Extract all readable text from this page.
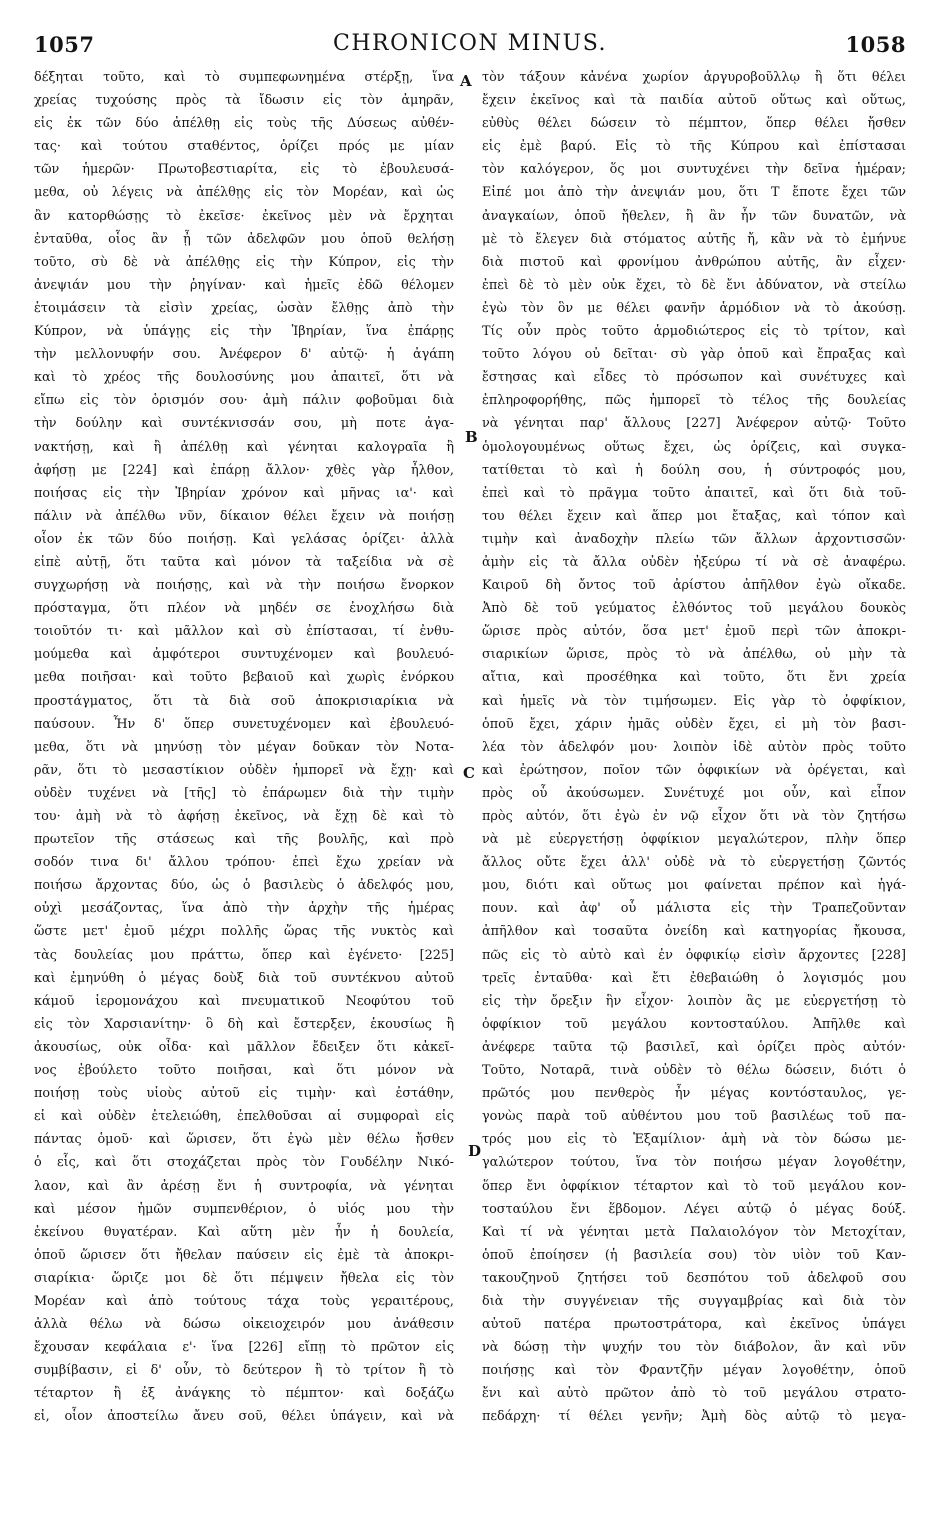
1057	CHRONICON MINUS.	1058
δέξηται τοῦτο, καὶ τὸ συμπεφωνημένα στέρξῃ, ἵνα
χρείας τυχούσης πρὸς τὰ ἴδωσιν εἰς τὸν ἀμηρᾶν,
εἰς ἐκ τῶν δύο ἀπέλθῃ εἰς τοὺς τῆς Δύσεως αὐθέν-
τας· καὶ τούτου σταθέντος, ὁρίζει πρός με μίαν
τῶν ἡμερῶν· Πρωτοβεστιαρίτα, εἰς τὸ ἐβουλευσά-
μεθα, οὐ λέγεις νὰ ἀπέλθῃς εἰς τὸν Μορέαν, καὶ ὡς
ἂν κατορθώσῃς τὸ ἐκεῖσε· ἐκεῖνος μὲν νὰ ἔρχηται
ἐνταῦθα, οἷος ἂν ᾖ τῶν ἀδελφῶν μου ὁποῦ θελήσῃ
τοῦτο, σὺ δὲ νὰ ἀπέλθῃς εἰς τὴν Κύπρον, εἰς τὴν
ἀνεψιάν μου τὴν ῥηγίναν· καὶ ἡμεῖς ἐδῶ θέλομεν
ἑτοιμάσειν τὰ εἰσὶν χρείας, ὡσὰν ἔλθῃς ἀπὸ τὴν
Κύπρον, νὰ ὑπάγῃς εἰς τὴν Ἰβηρίαν, ἵνα ἐπάρῃς
τὴν μελλονυφήν σου. Ἀνέφερον δ' αὐτῷ· ἡ ἀγάπη
καὶ τὸ χρέος τῆς δουλοσύνης μου ἀπαιτεῖ, ὅτι νὰ
εἴπω εἰς τὸν ὁρισμόν σου· ἀμὴ πάλιν φοβοῦμαι διὰ
τὴν δούλην καὶ συντέκνισσάν σου, μὴ ποτε ἀγα-
νακτήσῃ, καὶ ἢ ἀπέλθῃ καὶ γένηται καλογραῖα ἢ
ἀφήσῃ με [224] καὶ ἐπάρῃ ἄλλον· χθὲς γὰρ ἦλθον,
ποιήσας εἰς τὴν Ἰβηρίαν χρόνον καὶ μῆνας ια'· καὶ
πάλιν νὰ ἀπέλθω νῦν, δίκαιον θέλει ἔχειν νὰ ποιήσῃ
οἷον ἐκ τῶν δύο ποιήσῃ. Καὶ γελάσας ὁρίζει· ἀλλὰ
εἰπὲ αὐτῇ, ὅτι ταῦτα καὶ μόνον τὰ ταξείδια νὰ σὲ
συγχωρήσῃ νὰ ποιήσῃς, καὶ νὰ τὴν ποιήσω ἔνορκον
πρόσταγμα, ὅτι πλέον νὰ μηδέν σε ἐνοχλήσω διὰ
τοιοῦτόν τι· καὶ μᾶλλον καὶ σὺ ἐπίστασαι, τί ἐνθυ-
μούμεθα καὶ ἀμφότεροι συντυχένομεν καὶ βουλευό-
μεθα ποιῆσαι· καὶ τοῦτο βεβαιοῦ καὶ χωρὶς ἐνόρκου
προστάγματος, ὅτι τὰ διὰ σοῦ ἀποκρισιαρίκια νὰ
παύσουν. Ἦν δ' ὅπερ συνετυχένομεν καὶ ἐβουλευό-
μεθα, ὅτι νὰ μηνύσῃ τὸν μέγαν δοῦκαν τὸν Νοτα-
ρᾶν, ὅτι τὸ μεσαστίκιον οὐδὲν ἠμπορεῖ νὰ ἔχῃ· καὶ
οὐδὲν τυχένει νὰ [τῆς] τὸ ἐπάρωμεν διὰ τὴν τιμὴν
του· ἀμὴ νὰ τὸ ἀφήσῃ ἐκεῖνος, νὰ ἔχῃ δὲ καὶ τὸ
πρωτεῖον τῆς στάσεως καὶ τῆς βουλῆς, καὶ πρὸ
σοδόν τινα δι' ἄλλου τρόπου· ἐπεὶ ἔχω χρείαν νὰ
ποιήσω ἄρχοντας δύο, ὡς ὁ βασιλεὺς ὁ ἀδελφός μου,
οὐχὶ μεσάζοντας, ἵνα ἀπὸ τὴν ἀρχὴν τῆς ἡμέρας
ὥστε μετ' ἐμοῦ μέχρι πολλῆς ὥρας τῆς νυκτὸς καὶ
τὰς δουλείας μου πράττω, ὅπερ καὶ ἐγένετο· [225]
καὶ ἐμηνύθη ὁ μέγας δοὺξ διὰ τοῦ συντέκνου αὐτοῦ
κάμοῦ ἱερομονάχου καὶ πνευματικοῦ Νεοφύτου τοῦ
εἰς τὸν Χαρσιανίτην· ὃ δὴ καὶ ἔστερξεν, ἑκουσίως ἢ
ἀκουσίως, οὐκ οἶδα· καὶ μᾶλλον ἔδειξεν ὅτι κἀκεῖ-
νος ἐβούλετο τοῦτο ποιῆσαι, καὶ ὅτι μόνον νὰ
ποιήσῃ τοὺς υἱοὺς αὐτοῦ εἰς τιμὴν· καὶ ἐστάθην,
εἰ καὶ οὐδὲν ἐτελειώθη, ἐπελθοῦσαι αἱ συμφοραὶ εἰς
πάντας ὁμοῦ· καὶ ὥρισεν, ὅτι ἐγὼ μὲν θέλω ἤσθεν
ὁ εἷς, καὶ ὅτι στοχάζεται πρὸς τὸν Γουδέλην Νικό-
λαον, καὶ ἂν ἀρέσῃ ἔνι ἡ συντροφία, νὰ γένηται
καὶ μέσον ἡμῶν συμπενθέριον, ὁ υἱός μου τὴν
ἐκείνου θυγατέραν. Καὶ αὕτη μὲν ἦν ἡ δουλεία,
ὁποῦ ὥρισεν ὅτι ἤθελαν παύσειν εἰς ἐμὲ τὰ ἀποκρι-
σιαρίκια· ὥριζε μοι δὲ ὅτι πέμψειν ἤθελα εἰς τὸν
Μορέαν καὶ ἀπὸ τούτους τάχα τοὺς γεραιτέρους,
ἀλλὰ θέλω νὰ δώσω οἰκειοχειρόν μου ἀνάθεσιν
ἔχουσαν κεφάλαια ε'· ἵνα [226] εἴπῃ τὸ πρῶτον εἰς
συμβίβασιν, εἰ δ' οὖν, τὸ δεύτερον ἢ τὸ τρίτον ἢ τὸ
τέταρτον ἢ ἐξ ἀνάγκης τὸ πέμπτον· καὶ δοξάζω
εἰ, οἷον ἀποστείλω ἄνευ σοῦ, θέλει ὑπάγειν, καὶ νὰ
τὸν τάξουν κἀνένα χωρίον ἀργυροβοῦλλῳ ἢ ὅτι θέλει
ἔχειν ἐκεῖνος καὶ τὰ παιδία αὐτοῦ οὕτως καὶ οὕτως,
εὐθὺς θέλει δώσειν τὸ πέμπτον, ὅπερ θέλει ἤσθεν
εἰς ἐμὲ βαρύ. Εἰς τὸ τῆς Κύπρου καὶ ἐπίστασαι
τὸν καλόγερον, ὅς μοι συντυχένει τὴν δεῖνα ἡμέραν;
Εἰπέ μοι ἀπὸ τὴν ἀνεψιάν μου, ὅτι Τ ἔποτε ἔχει τῶν
ἀναγκαίων, ὁποῦ ἤθελεν, ἢ ἂν ἦν τῶν δυνατῶν, νὰ
μὲ τὸ ἔλεγεν διὰ στόματος αὐτῆς ἤ, κἂν νὰ τὸ ἐμήνυε
διὰ πιστοῦ καὶ φρονίμου ἀνθρώπου αὐτῆς, ἂν εἶχεν·
ἐπεὶ δὲ τὸ μὲν οὐκ ἔχει, τὸ δὲ ἔνι ἀδύνατον, νὰ στείλω
ἐγὼ τὸν ὃν με θέλει φανῆν ἁρμόδιον νὰ τὸ ἀκούσῃ.
Τίς οὖν πρὸς τοῦτο ἁρμοδιώτερος εἰς τὸ τρίτον, καὶ
τοῦτο λόγου οὐ δεῖται· σὺ γὰρ ὁποῦ καὶ ἔπραξας καὶ
ἔστησας καὶ εἶδες τὸ πρόσωπον καὶ συνέτυχες καὶ
ἐπληροφορήθης, πῶς ἠμπορεῖ τὸ τέλος τῆς δουλείας
νὰ γένηται παρ' ἄλλους [227] Ἀνέφερον αὐτῷ· Τοῦτο
ὁμολογουμένως οὕτως ἔχει, ὡς ὁρίζεις, καὶ συγκα-
τατίθεται τὸ καὶ ἡ δούλη σου, ἡ σύντροφός μου,
ἐπεὶ καὶ τὸ πρᾶγμα τοῦτο ἀπαιτεῖ, καὶ ὅτι διὰ τοῦ-
του θέλει ἔχειν καὶ ἅπερ μοι ἔταξας, καὶ τόπον καὶ
τιμὴν καὶ ἀναδοχὴν πλείω τῶν ἄλλων ἀρχοντισσῶν·
ἀμὴν εἰς τὰ ἄλλα οὐδὲν ἠξεύρω τί νὰ σὲ ἀναφέρω.
Καιροῦ δὴ ὄντος τοῦ ἀρίστου ἀπῆλθον ἐγὼ οἴκαδε.
Ἀπὸ δὲ τοῦ γεύματος ἐλθόντος τοῦ μεγάλου δουκὸς
ὥρισε πρὸς αὐτόν, ὅσα μετ' ἐμοῦ περὶ τῶν ἀποκρι-
σιαρικίων ὥρισε, πρὸς τὸ νὰ ἀπέλθω, οὐ μὴν τὰ
αἴτια, καὶ προσέθηκα καὶ τοῦτο, ὅτι ἔνι χρεία
καὶ ἡμεῖς νὰ τὸν τιμήσωμεν. Εἰς γὰρ τὸ ὀφφίκιον,
ὁποῦ ἔχει, χάριν ἡμᾶς οὐδὲν ἔχει, εἰ μὴ τὸν βασι-
λέα τὸν ἀδελφόν μου· λοιπὸν ἰδὲ αὐτὸν πρὸς τοῦτο
καὶ ἐρώτησον, ποῖον τῶν ὀφφικίων νὰ ὀρέγεται, καὶ
πρὸς οὗ ἀκούσωμεν. Συνέτυχέ μοι οὖν, καὶ εἶπον
πρὸς αὐτόν, ὅτι ἐγὼ ἐν νῷ εἶχον ὅτι νὰ τὸν ζητήσω
νὰ μὲ εὐεργετήσῃ ὀφφίκιον μεγαλώτερον, πλὴν ὅπερ
ἄλλος οὔτε ἔχει ἀλλ' οὐδὲ νὰ τὸ εὐεργετήσῃ ζῶντός
μου, διότι καὶ οὕτως μοι φαίνεται πρέπον καὶ ἡγά-
πουν. καὶ ἀφ' οὗ μάλιστα εἰς τὴν Τραπεζοῦνταν
ἀπῆλθον καὶ τοσαῦτα ὀνείδη καὶ κατηγορίας ἤκουσα,
πῶς εἰς τὸ αὐτὸ καὶ ἐν ὀφφικίῳ εἰσὶν ἄρχοντες [228]
τρεῖς ἐνταῦθα· καὶ ἔτι ἐθεβαιώθη ὁ λογισμός μου
εἰς τὴν ὄρεξιν ἣν εἶχον· λοιπὸν ἂς με εὐεργετήσῃ τὸ
ὀφφίκιον τοῦ μεγάλου κοντοσταύλου. Ἀπῆλθε καὶ
ἀνέφερε ταῦτα τῷ βασιλεῖ, καὶ ὁρίζει πρὸς αὐτόν·
Τοῦτο, Νοταρᾶ, τινὰ οὐδὲν τὸ θέλω δώσειν, διότι ὁ
πρῶτός μου πενθερὸς ἦν μέγας κοντόσταυλος, γε-
γονὼς παρὰ τοῦ αὐθέντου μου τοῦ βασιλέως τοῦ πα-
τρός μου εἰς τὸ Ἑξαμίλιον· ἀμὴ νὰ τὸν δώσω με-
γαλώτερον τούτου, ἵνα τὸν ποιήσω μέγαν λογοθέτην,
ὅπερ ἔνι ὀφφίκιον τέταρτον καὶ τὸ τοῦ μεγάλου κον-
τοσταύλου ἔνι ἕβδομον. Λέγει αὐτῷ ὁ μέγας δούξ.
Καὶ τί νὰ γένηται μετὰ Παλαιολόγον τὸν Μετοχίταν,
ὁποῦ ἐποίησεν (ἡ βασιλεία σου) τὸν υἱὸν τοῦ Καν-
τακουζηνοῦ ζητήσει τοῦ δεσπότου τοῦ ἀδελφοῦ σου
διὰ τὴν συγγένειαν τῆς συγγαμβρίας καὶ διὰ τὸν
αὐτοῦ πατέρα πρωτοστράτορα, καὶ ἐκεῖνος ὑπάγει
νὰ δώσῃ τὴν ψυχήν του τὸν διάβολον, ἂν καὶ νῦν
ποιήσῃς καὶ τὸν Φραντζῆν μέγαν λογοθέτην, ὁποῦ
ἔνι καὶ αὐτὸ πρῶτον ἀπὸ τὸ τοῦ μεγάλου στρατο-
πεδάρχη· τί θέλει γενῆν; Ἀμὴ δὸς αὐτῷ τὸ μεγα-
A
B
C
D
